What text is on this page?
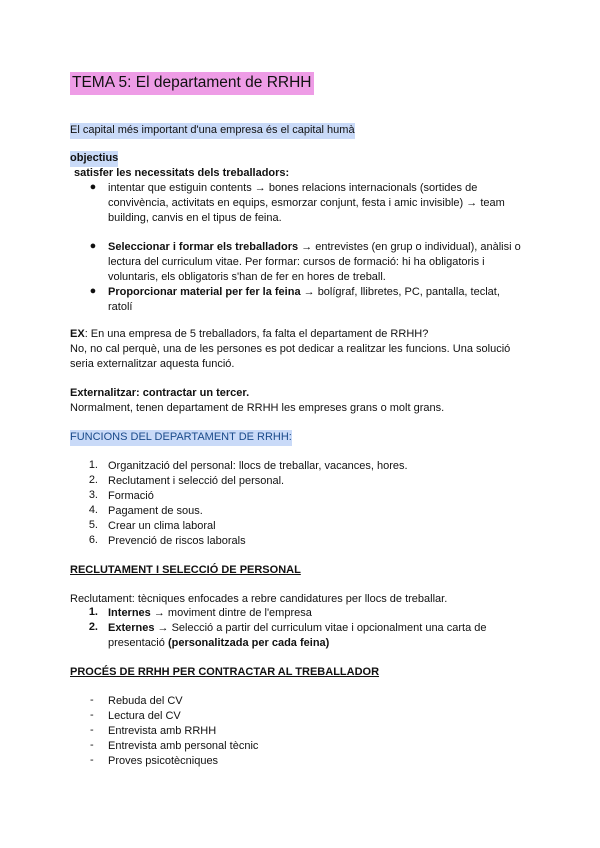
TEMA 5: El departament de RRHH
El capital més important d'una empresa és el capital humà
objectius
satisfer les necessitats dels treballadors:
● intentar que estiguin contents → bones relacions internacionals (sortides de
convivència, activitats en equips, esmorzar conjunt, festa i amic invisible) → team
building, canvis en el tipus de feina.
● Seleccionar i formar els treballadors → entrevistes (en grup o individual), anàlisi o
lectura del curriculum vitae. Per formar: cursos de formació: hi ha obligatoris i
voluntaris, els obligatoris s'han de fer en hores de treball.
● Proporcionar material per fer la feina → bolígraf, llibretes, PC, pantalla, teclat,
ratolí
EX: En una empresa de 5 treballadors, fa falta el departament de RRHH?
No, no cal perquè, una de les persones es pot dedicar a realitzar les funcions. Una solució
seria externalitzar aquesta funció.
Externalitzar: contractar un tercer.
Normalment, tenen departament de RRHH les empreses grans o molt grans.
FUNCIONS DEL DEPARTAMENT DE RRHH:
1. Organització del personal: llocs de treballar, vacances, hores.
2. Reclutament i selecció del personal.
3. Formació
4. Pagament de sous.
5. Crear un clima laboral
6. Prevenció de riscos laborals
RECLUTAMENT I SELECCIÓ DE PERSONAL
Reclutament: tècniques enfocades a rebre candidatures per llocs de treballar.
1. Internes → moviment dintre de l'empresa
2. Externes → Selecció a partir del curriculum vitae i opcionalment una carta de
presentació (personalitzada per cada feina)
PROCÉS DE RRHH PER CONTRACTAR AL TREBALLADOR
- Rebuda del CV
- Lectura del CV
- Entrevista amb RRHH
- Entrevista amb personal tècnic
- Proves psicotècniques
